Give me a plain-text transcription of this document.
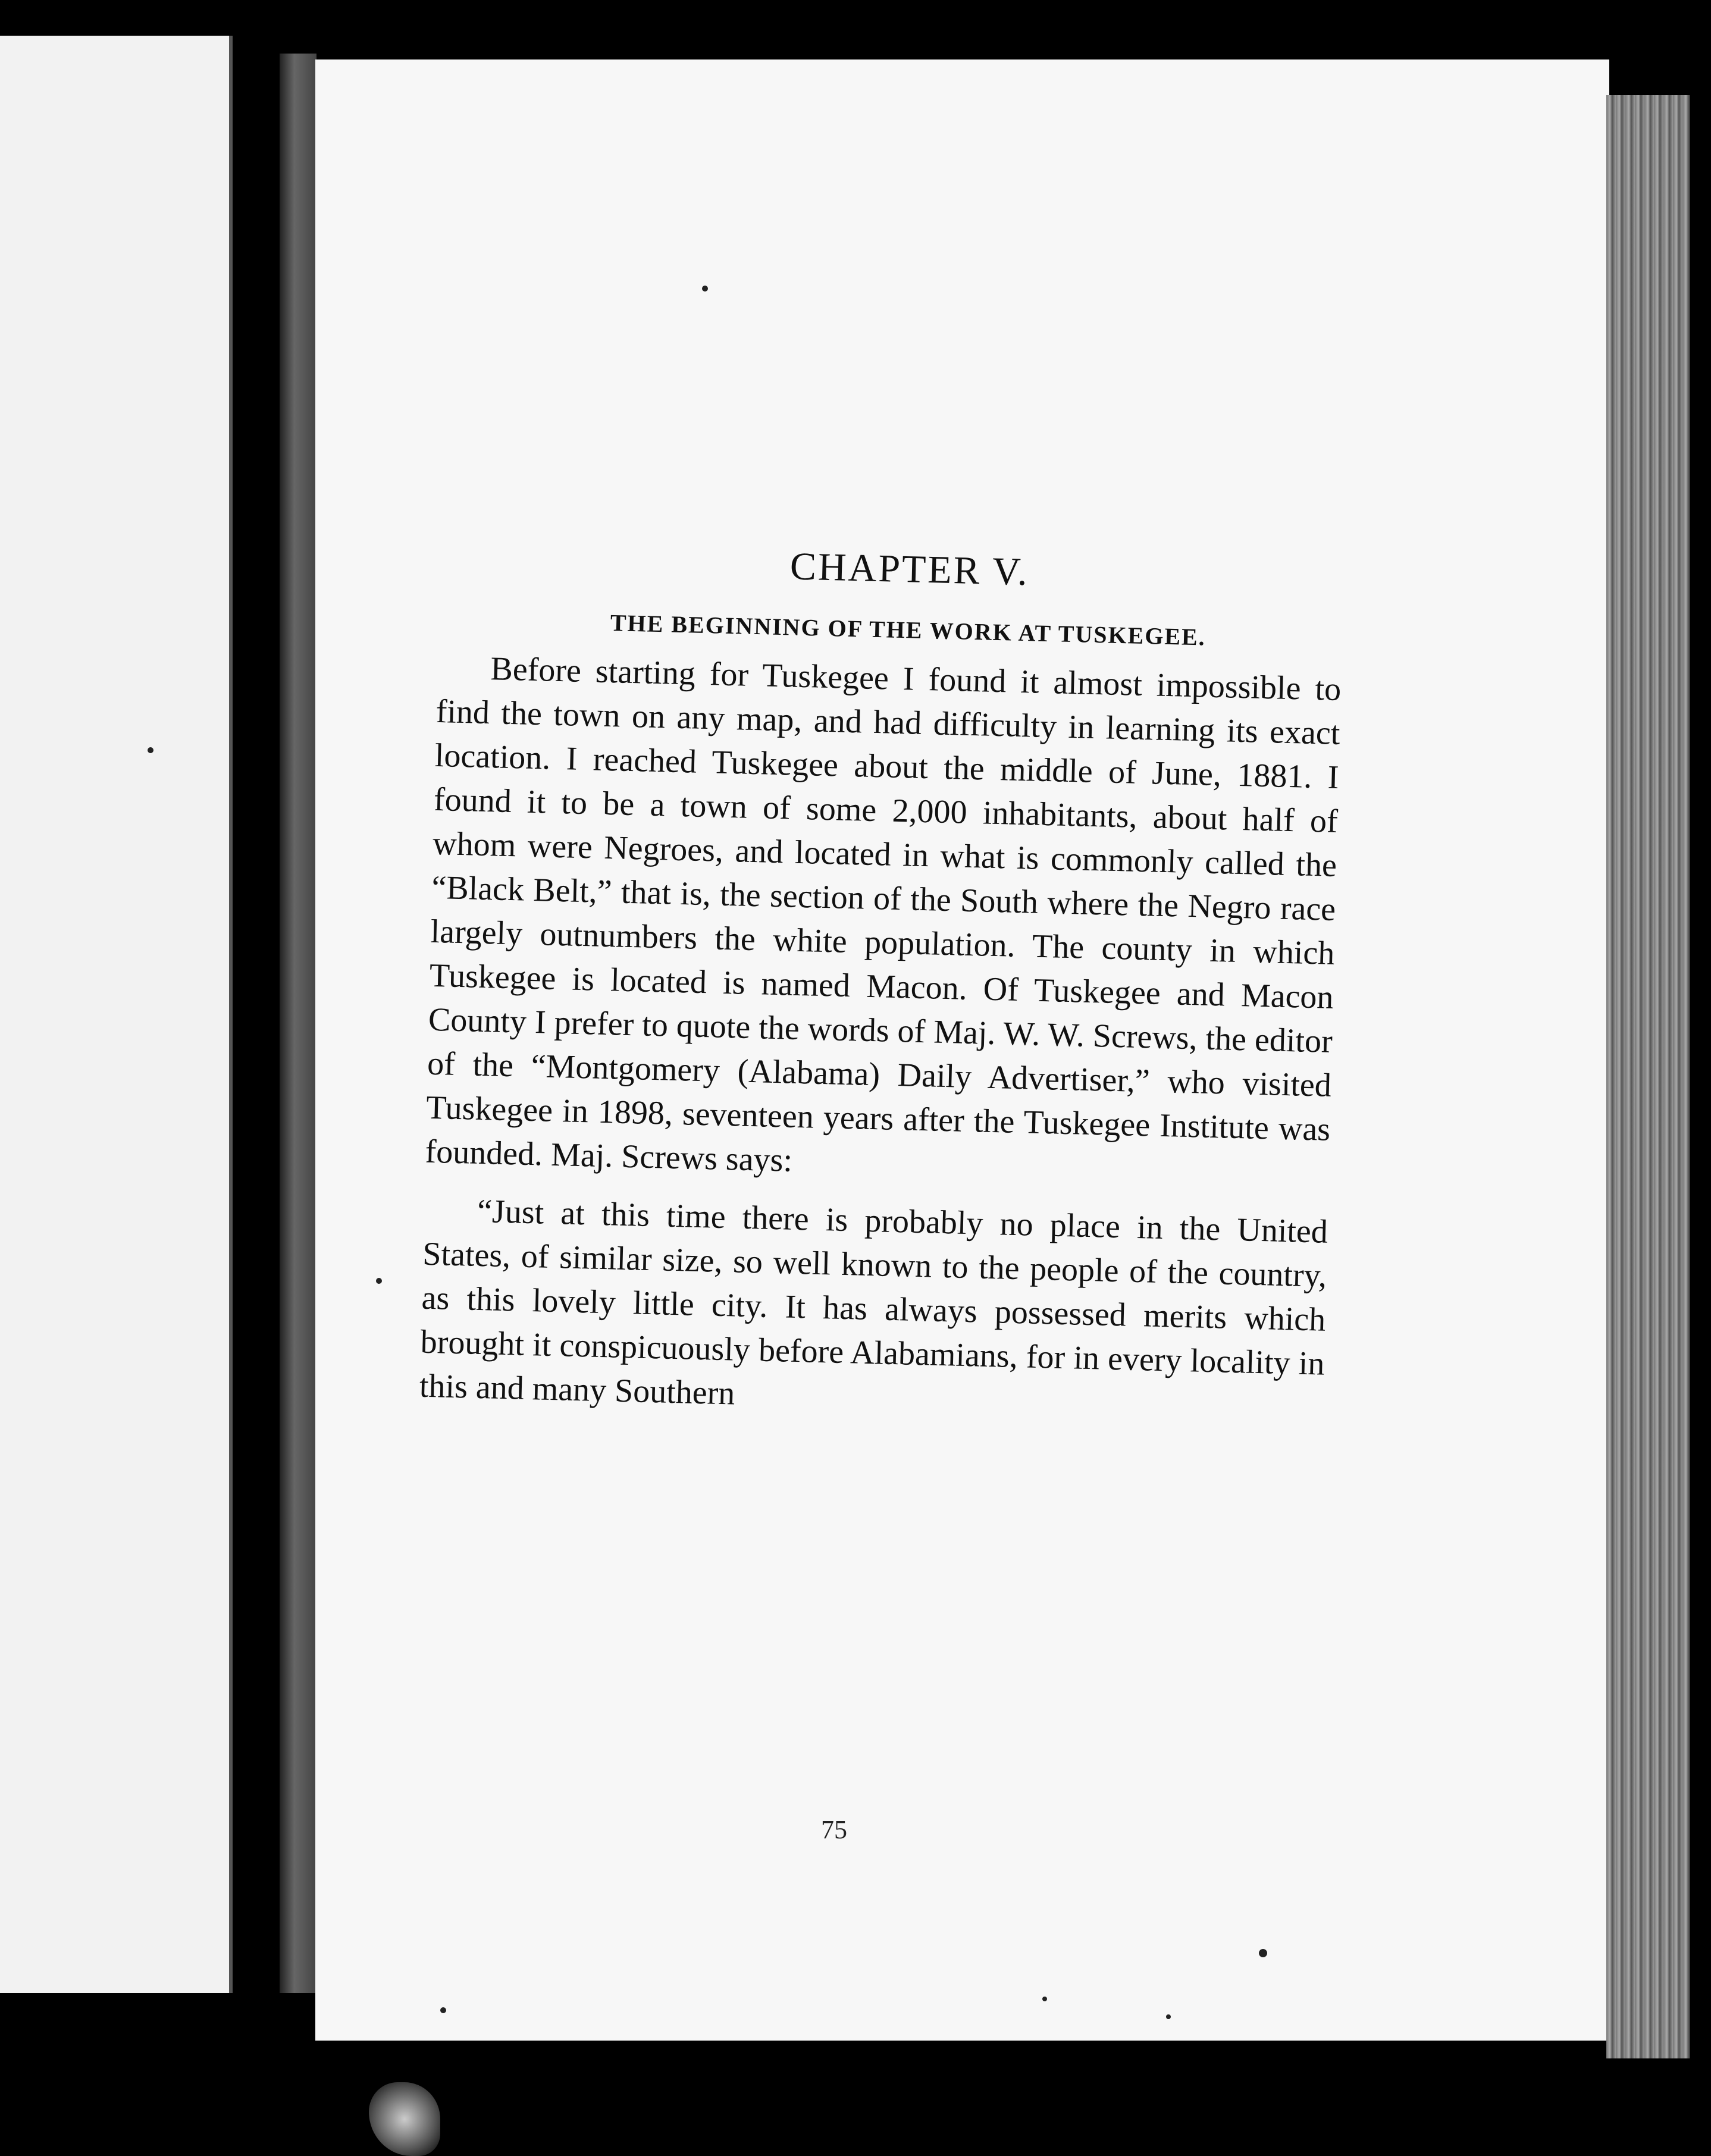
CHAPTER V.
THE BEGINNING OF THE WORK AT TUSKEGEE.

Before starting for Tuskegee I found it almost impossible to find the town on any map, and had difficulty in learning its exact location. I reached Tuskegee about the middle of June, 1881. I found it to be a town of some 2,000 inhabitants, about half of whom were Negroes, and located in what is commonly called the “Black Belt,” that is, the section of the South where the Negro race largely outnumbers the white population. The county in which Tuskegee is located is named Macon. Of Tuskegee and Macon County I prefer to quote the words of Maj. W. W. Screws, the editor of the “Montgomery (Alabama) Daily Advertiser,” who visited Tuskegee in 1898, seventeen years after the Tuskegee Institute was founded. Maj. Screws says:

“Just at this time there is probably no place in the United States, of similar size, so well known to the people of the country, as this lovely little city. It has always possessed merits which brought it conspicuously before Alabamians, for in every locality in this and many Southern

75
